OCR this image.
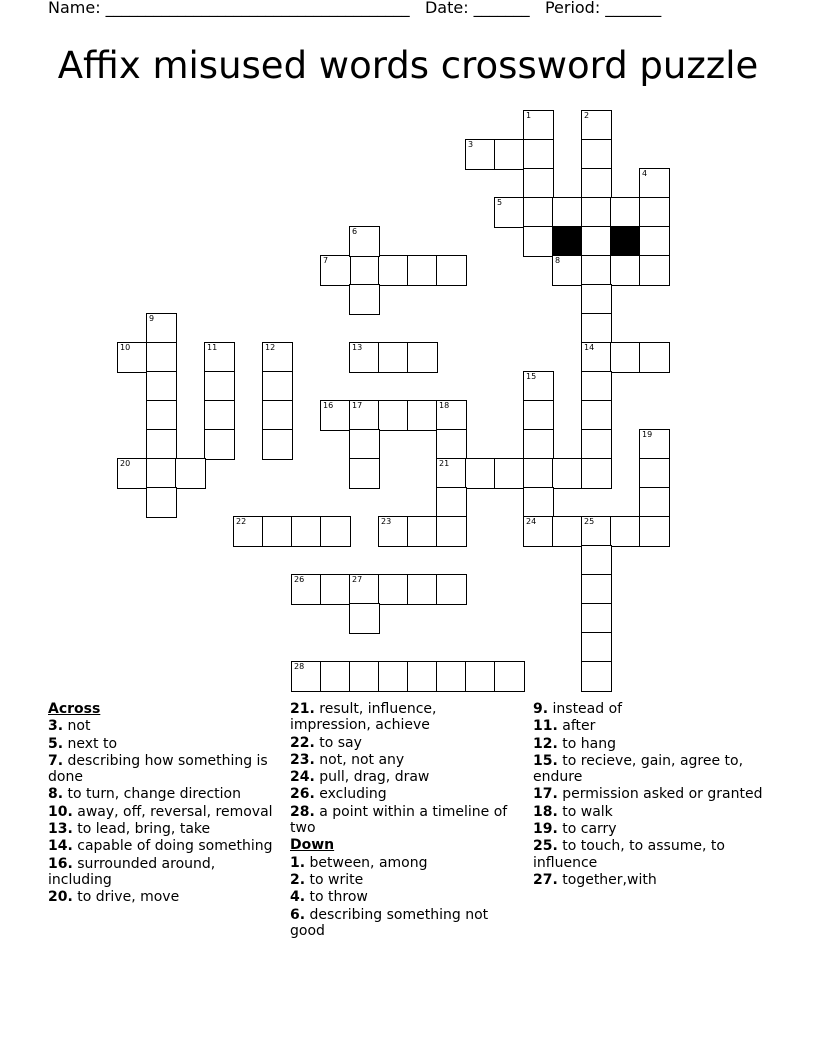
Name: ______________________________________ Date: _______ Period: _______
Affix misused words crossword puzzle
1	2
3
4
5
7	8
9
10	11	12	13	14
15
16 17	18
19
20	21
22	23	24	25
26	27
28
6
Across
3. not
5. next to
7. describing how something is done
8. to turn, change direction
10. away, off, reversal, removal
13. to lead, bring, take
14. capable of doing something
16. surrounded around, including
20. to drive, move
21. result, influence, impression, achieve
22. to say
23. not, not any
24. pull, drag, draw
26. excluding
28. a point within a timeline of two
Down
1. between, among
2. to write
4. to throw
6. describing something not good
9. instead of
11. after
12. to hang
15. to recieve, gain, agree to, endure
17. permission asked or granted
18. to walk
19. to carry
25. to touch, to assume, to influence
27. together,with
